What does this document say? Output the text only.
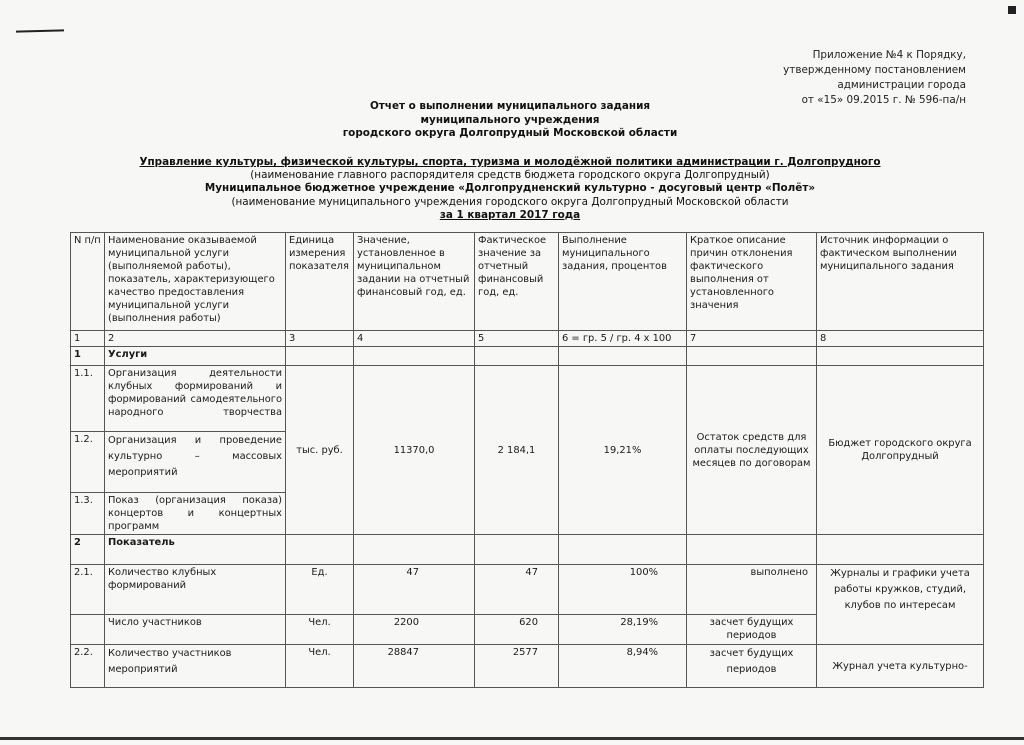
Приложение №4 к Порядку,
утвержденному постановлением
администрации города
от «15» 09.2015 г. № 596-па/н
Отчет о выполнении муниципального задания
муниципального учреждения
городского округа Долгопрудный Московской области
Управление культуры, физической культуры, спорта, туризма и молодёжной политики администрации г. Долгопрудного
(наименование главного распорядителя средств бюджета городского округа Долгопрудный)
Муниципальное бюджетное учреждение «Долгопрудненский культурно - досуговый центр «Полёт»
(наименование муниципального учреждения городского округа Долгопрудный Московской области
за 1 квартал 2017 года
N п/п	Наименование оказываемой муниципальной услуги (выполняемой работы), показатель, характеризующего качество предоставления муниципальной услуги (выполнения работы)	Единица измерения показателя	Значение, установленное в муниципальном задании на отчетный финансовый год, ед.	Фактическое значение за отчетный финансовый год, ед.	Выполнение муниципального задания, процентов	Краткое описание причин отклонения фактического выполнения от установленного значения	Источник информации о фактическом выполнении муниципального задания
1	2	3	4	5	6 = гр. 5 / гр. 4 x 100	7	8
1	Услуги						
1.1.	Организация деятельности клубных формирований и формирований самодеятельного народного творчества	тыс. руб.	11370,0	2 184,1	19,21%	Остаток средств для оплаты последующих месяцев по договорам	Бюджет городского округа Долгопрудный
1.2.	Организация и проведение культурно – массовых мероприятий						
1.3.	Показ (организация показа) концертов и концертных программ						
2	Показатель						
2.1.	Количество клубных формирований	Ед.	47	47	100%	выполнено	Журналы и графики учета работы кружков, студий, клубов по интересам
	Число участников	Чел.	2200	620	28,19%	засчет будущих периодов	
2.2.	Количество участников мероприятий	Чел.	28847	2577	8,94%	засчет будущих периодов	Журнал учета культурно-
